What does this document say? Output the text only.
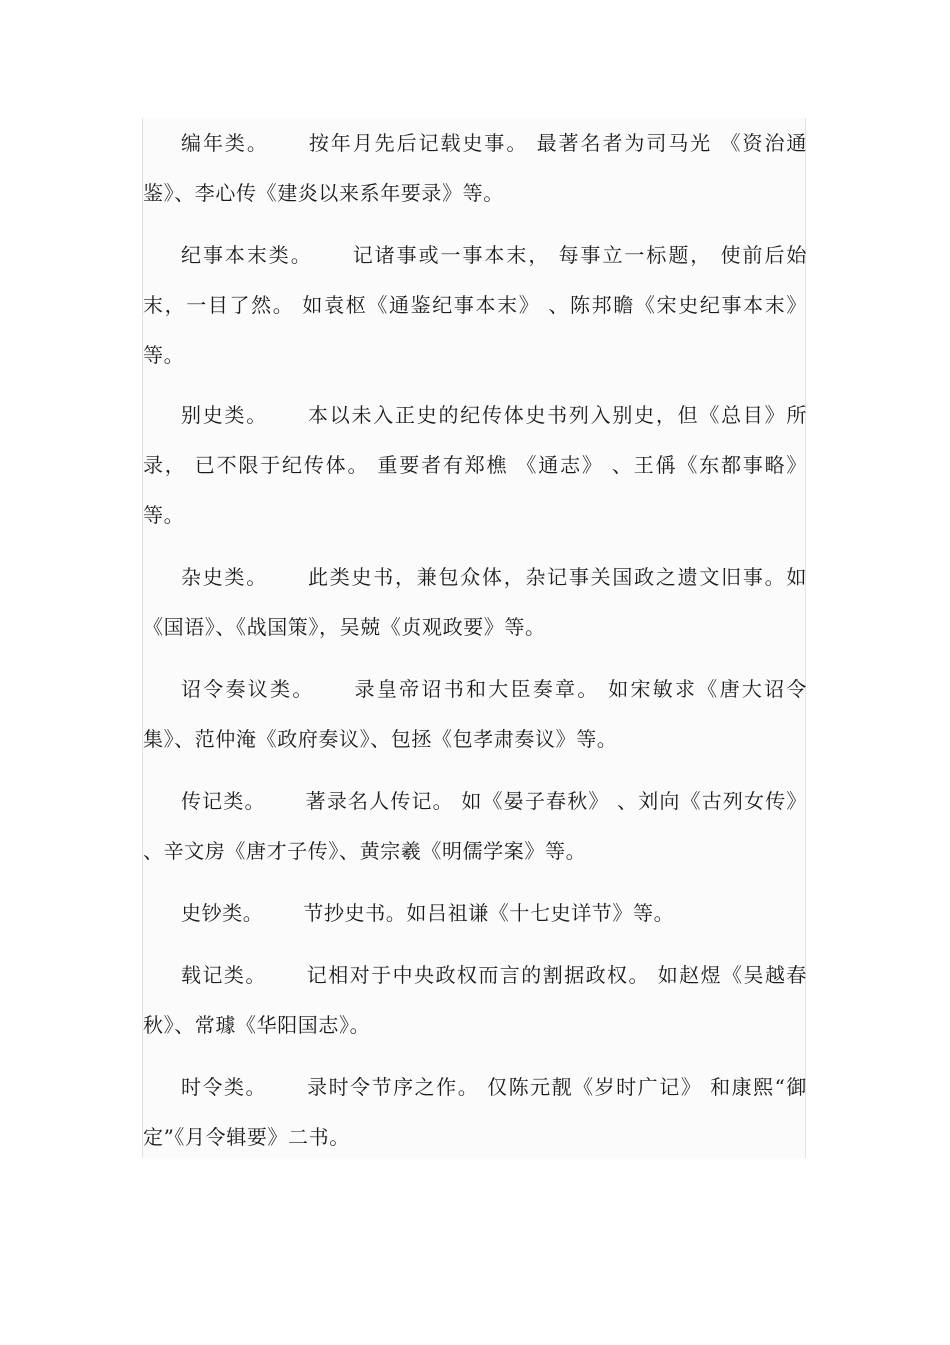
编年类。 按年月先后记载史事。 最著名者为司马光 《资治通鉴》、李心传《建炎以来系年要录》等。

纪事本末类。 记诸事或一事本末， 每事立一标题， 使前后始末，一目了然。 如袁枢《通鉴纪事本末》 、陈邦瞻《宋史纪事本末》等。

别史类。 本以未入正史的纪传体史书列入别史，但《总目》所录， 已不限于纪传体。 重要者有郑樵 《通志》 、王偁《东都事略》等。

杂史类。 此类史书，兼包众体，杂记事关国政之遗文旧事。如《国语》、《战国策》，吴兢《贞观政要》等。

诏令奏议类。 录皇帝诏书和大臣奏章。 如宋敏求《唐大诏令集》、范仲淹《政府奏议》、包拯《包孝肃奏议》等。

传记类。 著录名人传记。 如《晏子春秋》 、刘向《古列女传》 、辛文房《唐才子传》、黄宗羲《明儒学案》等。

史钞类。 节抄史书。如吕祖谦《十七史详节》等。

载记类。 记相对于中央政权而言的割据政权。 如赵煜《吴越春秋》、常璩《华阳国志》。

时令类。 录时令节序之作。 仅陈元靓《岁时广记》 和康熙“御定”《月令辑要》二书。
